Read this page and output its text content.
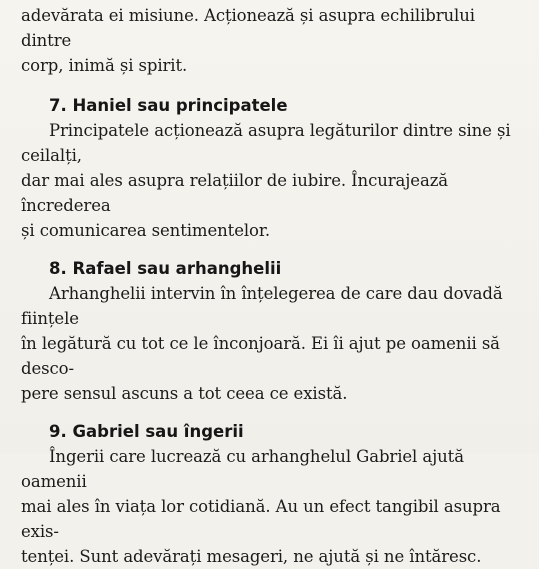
adevărata ei misiune. Acționează și asupra echilibrului dintre
corp, inimă și spirit.

7. Haniel sau principatele

Principatele acționează asupra legăturilor dintre sine și ceilalți,
dar mai ales asupra relațiilor de iubire. Încurajează încrederea
și comunicarea sentimentelor.

8. Rafael sau arhanghelii

Arhanghelii intervin în înțelegerea de care dau dovadă ființele
în legătură cu tot ce le înconjoară. Ei îi ajut pe oamenii să desco-
pere sensul ascuns a tot ceea ce există.

9. Gabriel sau îngerii

Îngerii care lucrează cu arhanghelul Gabriel ajută oamenii
mai ales în viața lor cotidiană. Au un efect tangibil asupra exis-
tenței. Sunt adevărați mesageri, ne ajută și ne întăresc.
